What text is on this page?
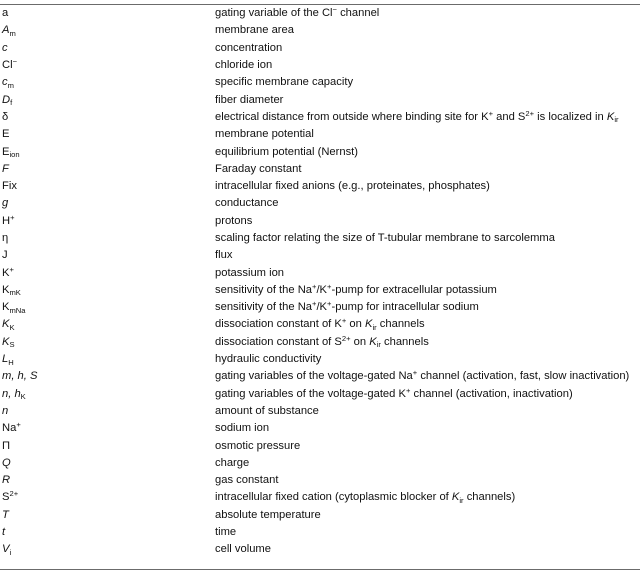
a	gating variable of the Cl− channel
$A_m$	membrane area
c	concentration
Cl−	chloride ion
$c_m$	specific membrane capacity
$D_f$	fiber diameter
δ	electrical distance from outside where binding site for K+ and $S^{2+}$ is localized in $K_{ir}$
E	membrane potential
$E_{ion}$	equilibrium potential (Nernst)
F	Faraday constant
Fix	intracellular fixed anions (e.g., proteinates, phosphates)
g	conductance
H+	protons
η	scaling factor relating the size of T-tubular membrane to sarcolemma
J	flux
K+	potassium ion
$K_{mK}$	sensitivity of the Na+/K+-pump for extracellular potassium
$K_{mNa}$	sensitivity of the Na+/K+-pump for intracellular sodium
$K_K$	dissociation constant of K+ on $K_{ir}$ channels
$K_S$	dissociation constant of $S^{2+}$ on $K_{ir}$ channels
$L_H$	hydraulic conductivity
m, h, S	gating variables of the voltage-gated Na+ channel (activation, fast, slow inactivation)
n, $h_K$	gating variables of the voltage-gated K+ channel (activation, inactivation)
n	amount of substance
Na+	sodium ion
Π	osmotic pressure
Q	charge
R	gas constant
$S^{2+}$	intracellular fixed cation (cytoplasmic blocker of $K_{ir}$ channels)
T	absolute temperature
t	time
$V_i$	cell volume
